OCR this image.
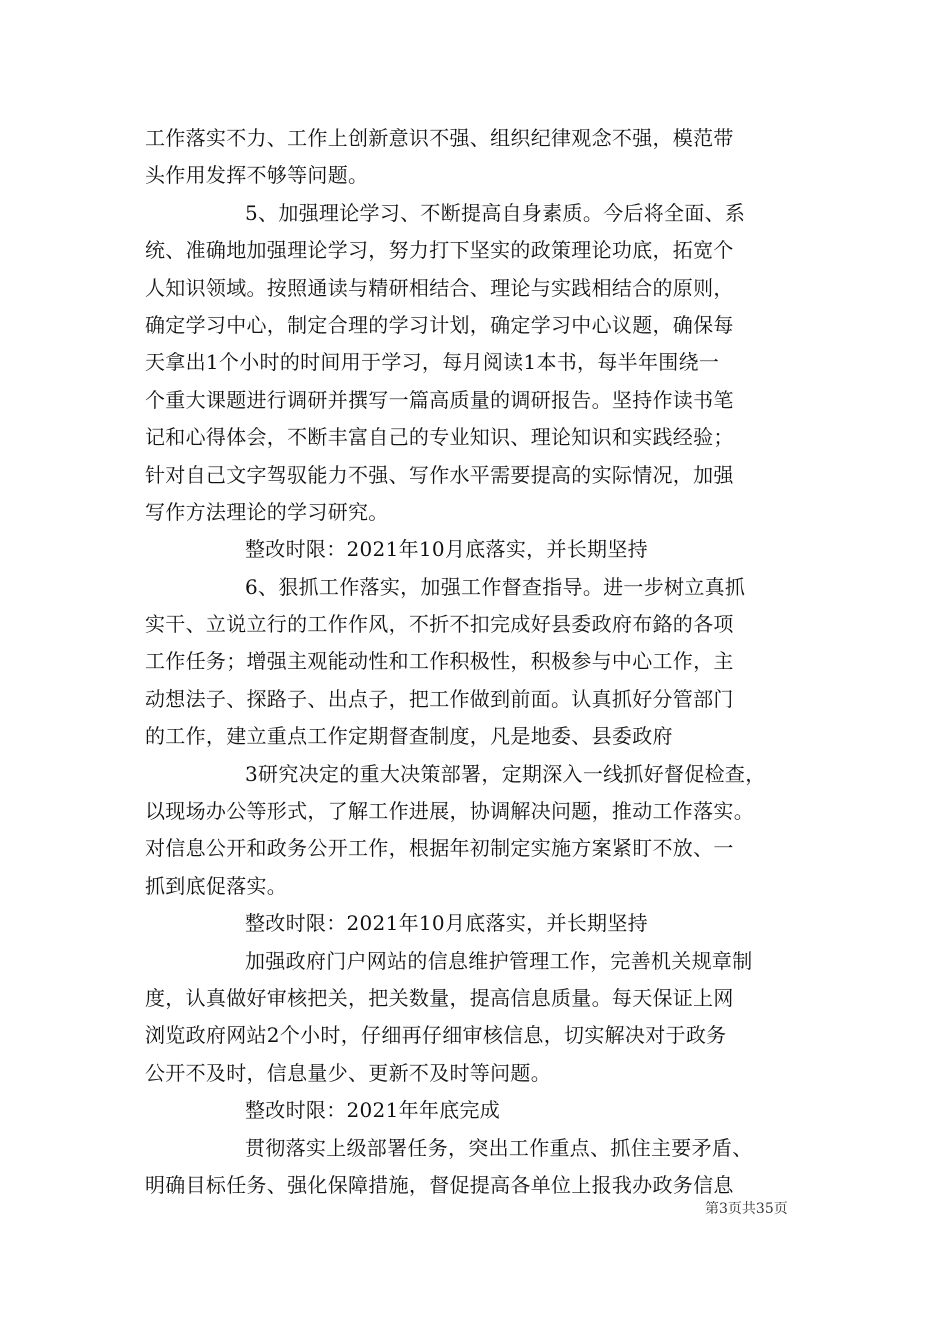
工作落实不力、工作上创新意识不强、组织纪律观念不强，模范带
头作用发挥不够等问题。
5、加强理论学习、不断提高自身素质。今后将全面、系
统、准确地加强理论学习，努力打下坚实的政策理论功底，拓宽个
人知识领域。按照通读与精研相结合、理论与实践相结合的原则，
确定学习中心，制定合理的学习计划，确定学习中心议题，确保每
天拿出1个小时的时间用于学习，每月阅读1本书，每半年围绕一
个重大课题进行调研并撰写一篇高质量的调研报告。坚持作读书笔
记和心得体会，不断丰富自己的专业知识、理论知识和实践经验；
针对自己文字驾驭能力不强、写作水平需要提高的实际情况，加强
写作方法理论的学习研究。
整改时限：2021年10月底落实，并长期坚持
6、狠抓工作落实，加强工作督查指导。进一步树立真抓
实干、立说立行的工作作风，不折不扣完成好县委政府布鉻的各项
工作任务；增强主观能动性和工作积极性，积极参与中心工作，主
动想法子、探路子、出点子，把工作做到前面。认真抓好分管部门
的工作，建立重点工作定期督查制度，凡是地委、县委政府
3研究决定的重大决策部署，定期深入一线抓好督促检查，
以现场办公等形式，了解工作进展，协调解决问题，推动工作落实。
对信息公开和政务公开工作，根据年初制定实施方案紧盯不放、一
抓到底促落实。
整改时限：2021年10月底落实，并长期坚持
加强政府门户网站的信息维护管理工作，完善机关规章制
度，认真做好审核把关，把关数量，提高信息质量。每天保证上网
浏览政府网站2个小时，仔细再仔细审核信息，切实解决对于政务
公开不及时，信息量少、更新不及时等问题。
整改时限：2021年年底完成
贯彻落实上级部署任务，突出工作重点、抓住主要矛盾、
明确目标任务、强化保障措施，督促提高各单位上报我办政务信息
第3页共35页
